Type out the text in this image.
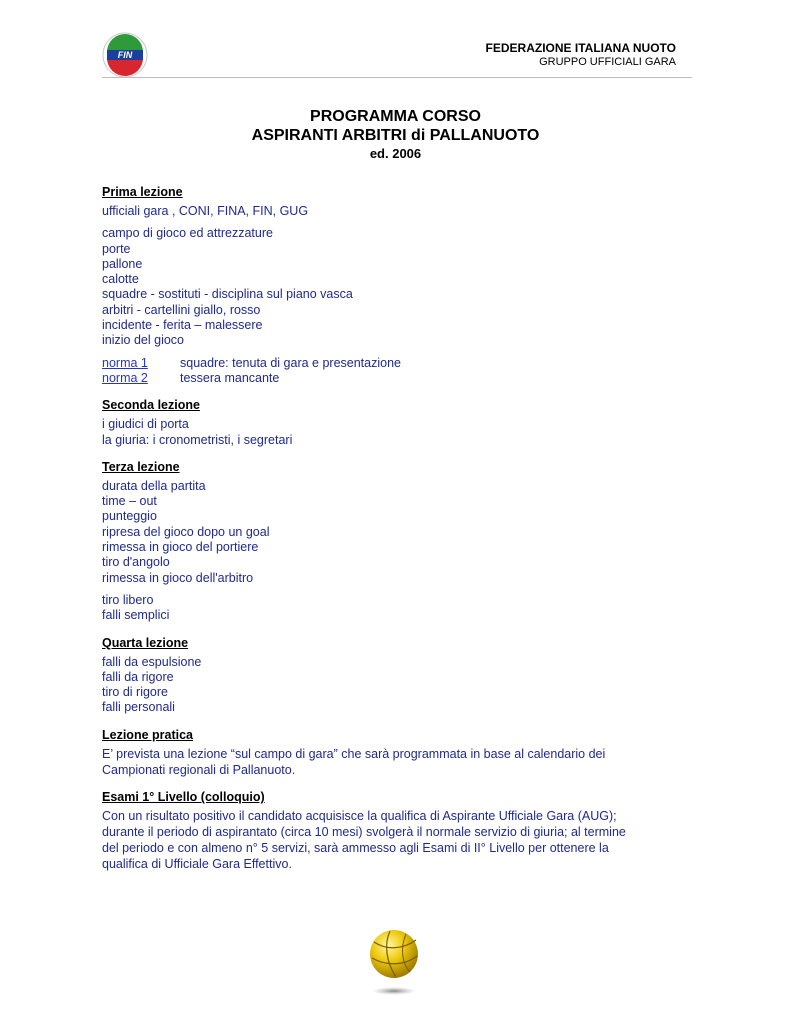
FIN	FEDERAZIONE ITALIANA NUOTO
GRUPPO UFFICIALI GARA
PROGRAMMA CORSO
ASPIRANTI ARBITRI di PALLANUOTO
ed. 2006
Prima lezione

ufficiali gara , CONI, FINA, FIN, GUG

campo di gioco ed attrezzature

porte

pallone

calotte

squadre - sostituti - disciplina sul piano vasca

arbitri - cartellini giallo, rosso

incidente - ferita – malessere

inizio del gioco

norma 1	squadre: tenuta di gara e presentazione
norma 2	tessera mancante
Seconda lezione

i giudici di porta

la giuria: i cronometristi, i segretari

Terza lezione

durata della partita

time – out

punteggio

ripresa del gioco dopo un goal

rimessa in gioco del portiere

tiro d'angolo

rimessa in gioco dell'arbitro

tiro libero

falli semplici

Quarta lezione

falli da espulsione

falli da rigore

tiro di rigore

falli personali

Lezione pratica

E’ prevista una lezione “sul campo di gara” che sarà programmata in base al calendario dei

Campionati regionali di Pallanuoto.

Esami 1° Livello (colloquio)

Con un risultato positivo il candidato acquisisce la qualifica di Aspirante Ufficiale Gara (AUG);

durante il periodo di aspirantato (circa 10 mesi) svolgerà il normale servizio di giuria; al termine

del periodo e con almeno n° 5 servizi, sarà ammesso agli Esami di II° Livello per ottenere la

qualifica di Ufficiale Gara Effettivo.
